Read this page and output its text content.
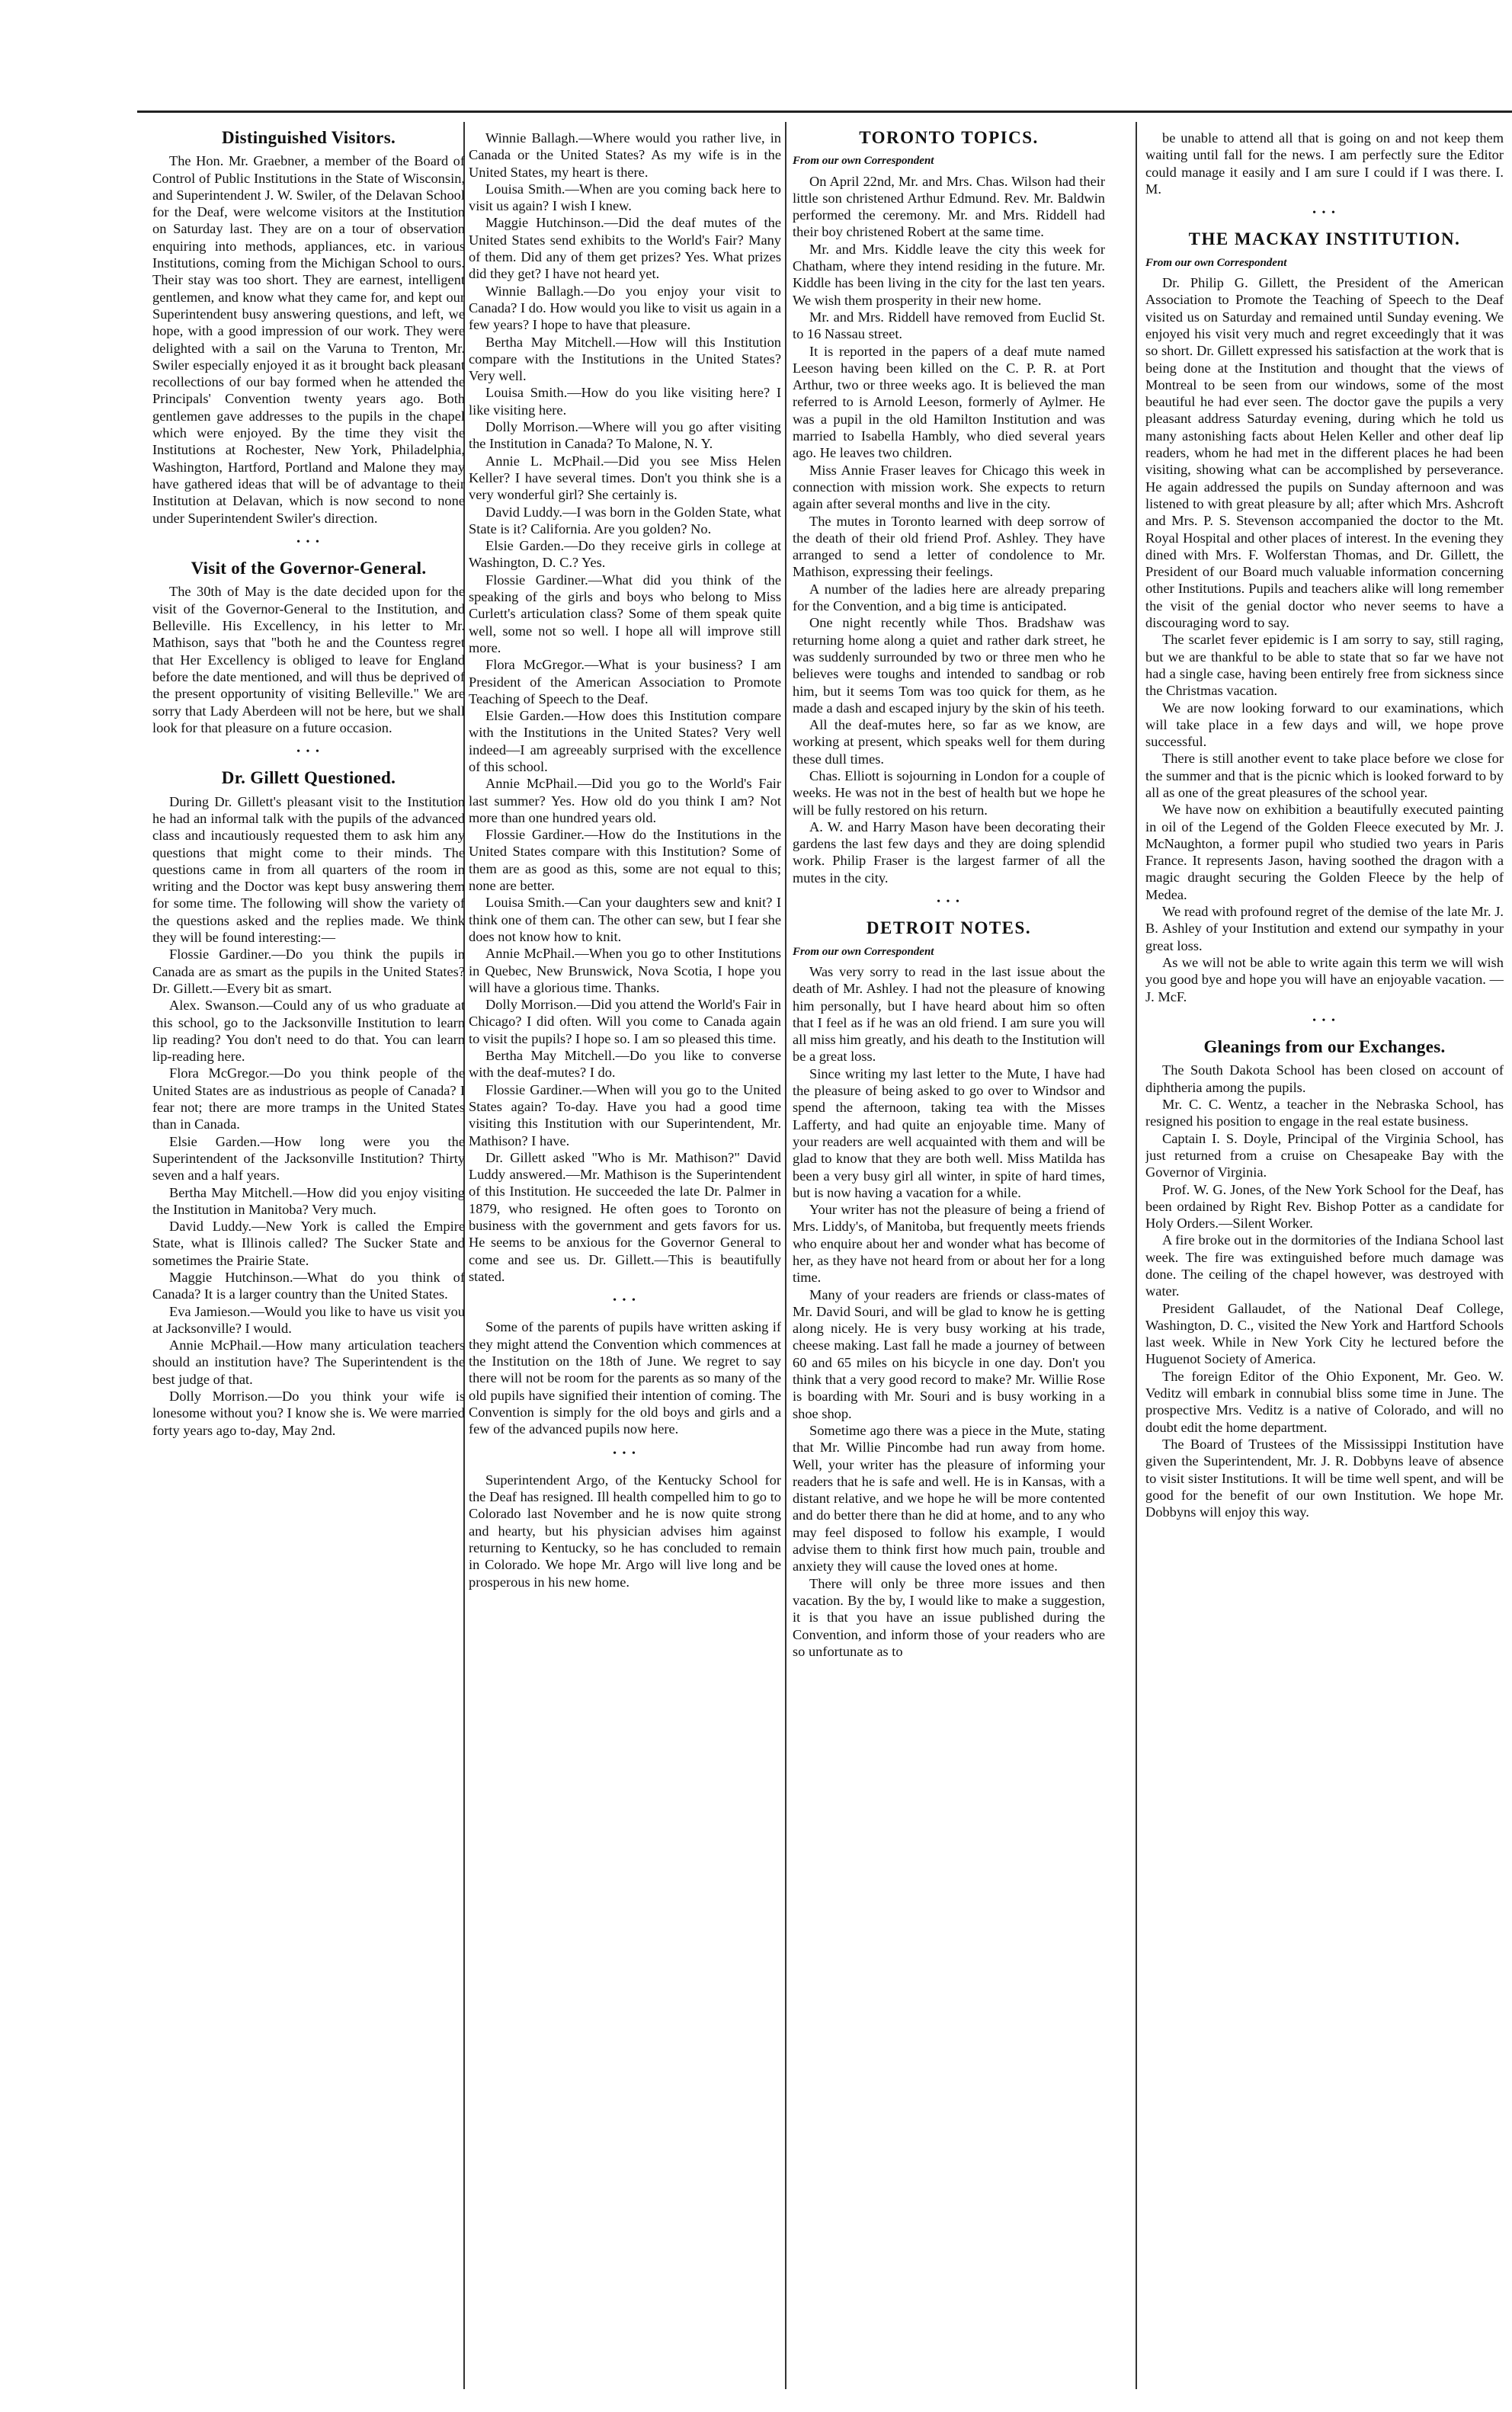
Distinguished Visitors.

The Hon. Mr. Graebner, a member of the Board of Control of Public Institutions in the State of Wisconsin, and Superintendent J. W. Swiler, of the Delavan School for the Deaf, were welcome visitors at the Institution on Saturday last. They are on a tour of observation enquiring into methods, appliances, etc. in various Institutions, coming from the Michigan School to ours. Their stay was too short. They are earnest, intelligent gentlemen, and know what they came for, and kept our Superintendent busy answering questions, and left, we hope, with a good impression of our work. They were delighted with a sail on the Varuna to Trenton, Mr. Swiler especially enjoyed it as it brought back pleasant recollections of our bay formed when he attended the Principals' Convention twenty years ago. Both gentlemen gave addresses to the pupils in the chapel which were enjoyed. By the time they visit the Institutions at Rochester, New York, Philadelphia, Washington, Hartford, Portland and Malone they may have gathered ideas that will be of advantage to their Institution at Delavan, which is now second to none under Superintendent Swiler's direction.

• • •
Visit of the Governor-General.

The 30th of May is the date decided upon for the visit of the Governor-General to the Institution, and Belleville. His Excellency, in his letter to Mr. Mathison, says that "both he and the Countess regret that Her Excellency is obliged to leave for England before the date mentioned, and will thus be deprived of the present opportunity of visiting Belleville." We are sorry that Lady Aberdeen will not be here, but we shall look for that pleasure on a future occasion.

• • •
Dr. Gillett Questioned.

During Dr. Gillett's pleasant visit to the Institution he had an informal talk with the pupils of the advanced class and incautiously requested them to ask him any questions that might come to their minds. The questions came in from all quarters of the room in writing and the Doctor was kept busy answering them for some time. The following will show the variety of the questions asked and the replies made. We think they will be found interesting:—

Flossie Gardiner.—Do you think the pupils in Canada are as smart as the pupils in the United States? Dr. Gillett.—Every bit as smart.

Alex. Swanson.—Could any of us who graduate at this school, go to the Jacksonville Institution to learn lip reading? You don't need to do that. You can learn lip-reading here.

Flora McGregor.—Do you think people of the United States are as industrious as people of Canada? I fear not; there are more tramps in the United States than in Canada.

Elsie Garden.—How long were you the Superintendent of the Jacksonville Institution? Thirty seven and a half years.

Bertha May Mitchell.—How did you enjoy visiting the Institution in Manitoba? Very much.

David Luddy.—New York is called the Empire State, what is Illinois called? The Sucker State and sometimes the Prairie State.

Maggie Hutchinson.—What do you think of Canada? It is a larger country than the United States.

Eva Jamieson.—Would you like to have us visit you at Jacksonville? I would.

Annie McPhail.—How many articulation teachers should an institution have? The Superintendent is the best judge of that.

Dolly Morrison.—Do you think your wife is lonesome without you? I know she is. We were married forty years ago to-day, May 2nd.

Winnie Ballagh.—Where would you rather live, in Canada or the United States? As my wife is in the United States, my heart is there.

Louisa Smith.—When are you coming back here to visit us again? I wish I knew.

Maggie Hutchinson.—Did the deaf mutes of the United States send exhibits to the World's Fair? Many of them. Did any of them get prizes? Yes. What prizes did they get? I have not heard yet.

Winnie Ballagh.—Do you enjoy your visit to Canada? I do. How would you like to visit us again in a few years? I hope to have that pleasure.

Bertha May Mitchell.—How will this Institution compare with the Institutions in the United States? Very well.

Louisa Smith.—How do you like visiting here? I like visiting here.

Dolly Morrison.—Where will you go after visiting the Institution in Canada? To Malone, N. Y.

Annie L. McPhail.—Did you see Miss Helen Keller? I have several times. Don't you think she is a very wonderful girl? She certainly is.

David Luddy.—I was born in the Golden State, what State is it? California. Are you golden? No.

Elsie Garden.—Do they receive girls in college at Washington, D. C.? Yes.

Flossie Gardiner.—What did you think of the speaking of the girls and boys who belong to Miss Curlett's articulation class? Some of them speak quite well, some not so well. I hope all will improve still more.

Flora McGregor.—What is your business? I am President of the American Association to Promote Teaching of Speech to the Deaf.

Elsie Garden.—How does this Institution compare with the Institutions in the United States? Very well indeed—I am agreeably surprised with the excellence of this school.

Annie McPhail.—Did you go to the World's Fair last summer? Yes. How old do you think I am? Not more than one hundred years old.

Flossie Gardiner.—How do the Institutions in the United States compare with this Institution? Some of them are as good as this, some are not equal to this; none are better.

Louisa Smith.—Can your daughters sew and knit? I think one of them can. The other can sew, but I fear she does not know how to knit.

Annie McPhail.—When you go to other Institutions in Quebec, New Brunswick, Nova Scotia, I hope you will have a glorious time. Thanks.

Dolly Morrison.—Did you attend the World's Fair in Chicago? I did often. Will you come to Canada again to visit the pupils? I hope so. I am so pleased this time.

Bertha May Mitchell.—Do you like to converse with the deaf-mutes? I do.

Flossie Gardiner.—When will you go to the United States again? To-day. Have you had a good time visiting this Institution with our Superintendent, Mr. Mathison? I have.

Dr. Gillett asked "Who is Mr. Mathison?" David Luddy answered.—Mr. Mathison is the Superintendent of this Institution. He succeeded the late Dr. Palmer in 1879, who resigned. He often goes to Toronto on business with the government and gets favors for us. He seems to be anxious for the Governor General to come and see us. Dr. Gillett.—This is beautifully stated.

• • •

Some of the parents of pupils have written asking if they might attend the Convention which commences at the Institution on the 18th of June. We regret to say there will not be room for the parents as so many of the old pupils have signified their intention of coming. The Convention is simply for the old boys and girls and a few of the advanced pupils now here.

• • •

Superintendent Argo, of the Kentucky School for the Deaf has resigned. Ill health compelled him to go to Colorado last November and he is now quite strong and hearty, but his physician advises him against returning to Kentucky, so he has concluded to remain in Colorado. We hope Mr. Argo will live long and be prosperous in his new home.

TORONTO TOPICS.
From our own Correspondent

On April 22nd, Mr. and Mrs. Chas. Wilson had their little son christened Arthur Edmund. Rev. Mr. Baldwin performed the ceremony. Mr. and Mrs. Riddell had their boy christened Robert at the same time.

Mr. and Mrs. Kiddle leave the city this week for Chatham, where they intend residing in the future. Mr. Kiddle has been living in the city for the last ten years. We wish them prosperity in their new home.

Mr. and Mrs. Riddell have removed from Euclid St. to 16 Nassau street.

It is reported in the papers of a deaf mute named Leeson having been killed on the C. P. R. at Port Arthur, two or three weeks ago. It is believed the man referred to is Arnold Leeson, formerly of Aylmer. He was a pupil in the old Hamilton Institution and was married to Isabella Hambly, who died several years ago. He leaves two children.

Miss Annie Fraser leaves for Chicago this week in connection with mission work. She expects to return again after several months and live in the city.

The mutes in Toronto learned with deep sorrow of the death of their old friend Prof. Ashley. They have arranged to send a letter of condolence to Mr. Mathison, expressing their feelings.

A number of the ladies here are already preparing for the Convention, and a big time is anticipated.

One night recently while Thos. Bradshaw was returning home along a quiet and rather dark street, he was suddenly surrounded by two or three men who he believes were toughs and intended to sandbag or rob him, but it seems Tom was too quick for them, as he made a dash and escaped injury by the skin of his teeth.

All the deaf-mutes here, so far as we know, are working at present, which speaks well for them during these dull times.

Chas. Elliott is sojourning in London for a couple of weeks. He was not in the best of health but we hope he will be fully restored on his return.

A. W. and Harry Mason have been decorating their gardens the last few days and they are doing splendid work. Philip Fraser is the largest farmer of all the mutes in the city.

• • •
DETROIT NOTES.
From our own Correspondent

Was very sorry to read in the last issue about the death of Mr. Ashley. I had not the pleasure of knowing him personally, but I have heard about him so often that I feel as if he was an old friend. I am sure you will all miss him greatly, and his death to the Institution will be a great loss.

Since writing my last letter to the Mute, I have had the pleasure of being asked to go over to Windsor and spend the afternoon, taking tea with the Misses Lafferty, and had quite an enjoyable time. Many of your readers are well acquainted with them and will be glad to know that they are both well. Miss Matilda has been a very busy girl all winter, in spite of hard times, but is now having a vacation for a while.

Your writer has not the pleasure of being a friend of Mrs. Liddy's, of Manitoba, but frequently meets friends who enquire about her and wonder what has become of her, as they have not heard from or about her for a long time.

Many of your readers are friends or class-mates of Mr. David Souri, and will be glad to know he is getting along nicely. He is very busy working at his trade, cheese making. Last fall he made a journey of between 60 and 65 miles on his bicycle in one day. Don't you think that a very good record to make? Mr. Willie Rose is boarding with Mr. Souri and is busy working in a shoe shop.

Sometime ago there was a piece in the Mute, stating that Mr. Willie Pincombe had run away from home. Well, your writer has the pleasure of informing your readers that he is safe and well. He is in Kansas, with a distant relative, and we hope he will be more contented and do better there than he did at home, and to any who may feel disposed to follow his example, I would advise them to think first how much pain, trouble and anxiety they will cause the loved ones at home.

There will only be three more issues and then vacation. By the by, I would like to make a suggestion, it is that you have an issue published during the Convention, and inform those of your readers who are so unfortunate as to

be unable to attend all that is going on and not keep them waiting until fall for the news. I am perfectly sure the Editor could manage it easily and I am sure I could if I was there. I. M.

• • •
THE MACKAY INSTITUTION.
From our own Correspondent

Dr. Philip G. Gillett, the President of the American Association to Promote the Teaching of Speech to the Deaf visited us on Saturday and remained until Sunday evening. We enjoyed his visit very much and regret exceedingly that it was so short. Dr. Gillett expressed his satisfaction at the work that is being done at the Institution and thought that the views of Montreal to be seen from our windows, some of the most beautiful he had ever seen. The doctor gave the pupils a very pleasant address Saturday evening, during which he told us many astonishing facts about Helen Keller and other deaf lip readers, whom he had met in the different places he had been visiting, showing what can be accomplished by perseverance. He again addressed the pupils on Sunday afternoon and was listened to with great pleasure by all; after which Mrs. Ashcroft and Mrs. P. S. Stevenson accompanied the doctor to the Mt. Royal Hospital and other places of interest. In the evening they dined with Mrs. F. Wolferstan Thomas, and Dr. Gillett, the President of our Board much valuable information concerning other Institutions. Pupils and teachers alike will long remember the visit of the genial doctor who never seems to have a discouraging word to say.

The scarlet fever epidemic is I am sorry to say, still raging, but we are thankful to be able to state that so far we have not had a single case, having been entirely free from sickness since the Christmas vacation.

We are now looking forward to our examinations, which will take place in a few days and will, we hope prove successful.

There is still another event to take place before we close for the summer and that is the picnic which is looked forward to by all as one of the great pleasures of the school year.

We have now on exhibition a beautifully executed painting in oil of the Legend of the Golden Fleece executed by Mr. J. McNaughton, a former pupil who studied two years in Paris France. It represents Jason, having soothed the dragon with a magic draught securing the Golden Fleece by the help of Medea.

We read with profound regret of the demise of the late Mr. J. B. Ashley of your Institution and extend our sympathy in your great loss.

As we will not be able to write again this term we will wish you good bye and hope you will have an enjoyable vacation. —J. McF.

• • •
Gleanings from our Exchanges.

The South Dakota School has been closed on account of diphtheria among the pupils.

Mr. C. C. Wentz, a teacher in the Nebraska School, has resigned his position to engage in the real estate business.

Captain I. S. Doyle, Principal of the Virginia School, has just returned from a cruise on Chesapeake Bay with the Governor of Virginia.

Prof. W. G. Jones, of the New York School for the Deaf, has been ordained by Right Rev. Bishop Potter as a candidate for Holy Orders.—Silent Worker.

A fire broke out in the dormitories of the Indiana School last week. The fire was extinguished before much damage was done. The ceiling of the chapel however, was destroyed with water.

President Gallaudet, of the National Deaf College, Washington, D. C., visited the New York and Hartford Schools last week. While in New York City he lectured before the Huguenot Society of America.

The foreign Editor of the Ohio Exponent, Mr. Geo. W. Veditz will embark in connubial bliss some time in June. The prospective Mrs. Veditz is a native of Colorado, and will no doubt edit the home department.

The Board of Trustees of the Mississippi Institution have given the Superintendent, Mr. J. R. Dobbyns leave of absence to visit sister Institutions. It will be time well spent, and will be good for the benefit of our own Institution. We hope Mr. Dobbyns will enjoy this way.
